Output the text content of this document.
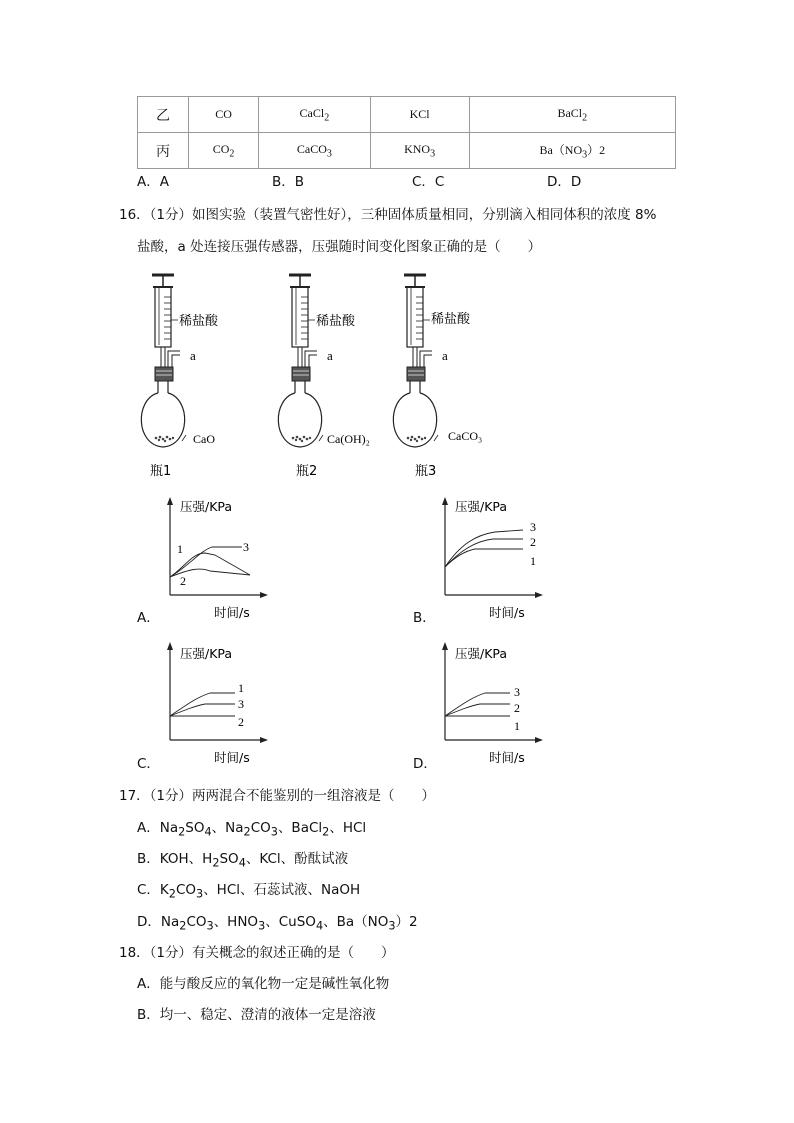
乙	CO	CaCl$_2$	KCl	BaCl$_2$
丙	$CO_2$	CaCO$_3$	$KNO_3$	$Ba(NO_3)2$
A．A	B．B	C．C	D．D
16．（1分）如图实验（装置气密性好），三种固体质量相同，分别滴入相同体积的浓度 8%
盐酸，a 处连接压强传感器，压强随时间变化图象正确的是（　　）
稀盐酸
a
CaO
瓶1
稀盐酸
a
Ca(OH)₂
瓶2
稀盐酸
a
CaCO₃
瓶3
压强/KPa
时间/s
1
2
3
A．
压强/KPa
时间/s
3
2
1
B．
压强/KPa
时间/s
1
3
2
C．
压强/KPa
时间/s
3
2
1
D．
17．（1分）两两混合不能鉴别的一组溶液是（　　）
A．$Na_2SO_4$、$Na_2CO_3$、BaCl$_2$、HCl
B．KOH、$H_2SO_4$、KCl、酚酞试液
C．$K_2CO_3$、HCl、石蕊试液、NaOH
D．$Na_2CO_3$、$HNO_3$、CuSO$_4$、$Ba(NO_3)2$
18．（1分）有关概念的叙述正确的是（　　）
A．能与酸反应的氧化物一定是碱性氧化物
B．均一、稳定、澄清的液体一定是溶液
